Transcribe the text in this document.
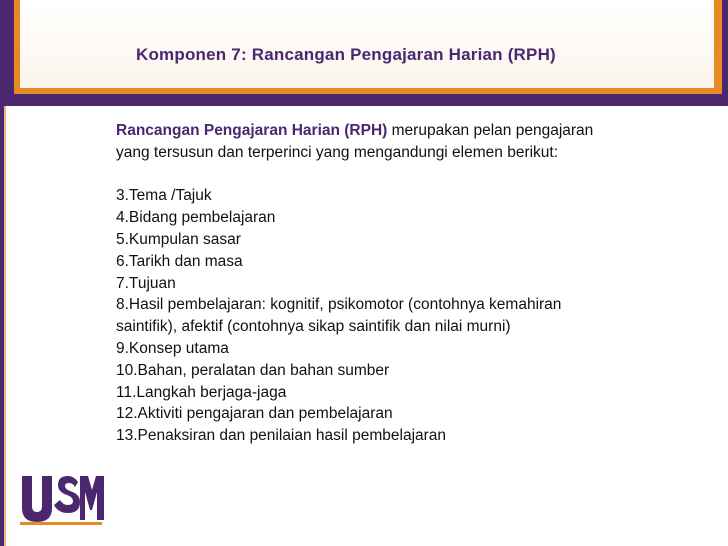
Komponen 7: Rancangan Pengajaran Harian (RPH)
Rancangan Pengajaran Harian (RPH) merupakan pelan pengajaran
yang tersusun dan terperinci yang mengandungi elemen berikut:
3.Tema /Tajuk
4.Bidang pembelajaran
5.Kumpulan sasar
6.Tarikh dan masa
7.Tujuan
8.Hasil pembelajaran: kognitif, psikomotor (contohnya kemahiran
saintifik), afektif (contohnya sikap saintifik dan nilai murni)
9.Konsep utama
10.Bahan, peralatan dan bahan sumber
11.Langkah berjaga-jaga
12.Aktiviti pengajaran dan pembelajaran
13.Penaksiran dan penilaian hasil pembelajaran
